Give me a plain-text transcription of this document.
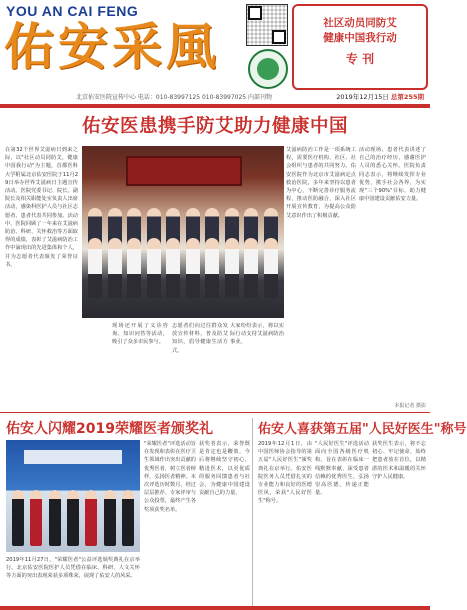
YOU AN CAI FENG
佑安采風	社区动员同防艾
健康中国我行动
专 刊
北京佑安医院宣传中心 电话：010-83997125 010-83997025 内部刊物	2019年12月15日 总第255期
佑安医患携手防艾助力健康中国
在第32个世界艾滋病日到来之际，以"社区动员同防艾，健康中国我行动"为主题，首都医科大学附属北京佑安医院于11月29日举办世界艾滋病日主题宣传活动。医院党委书记、院长、副院长及相关职能处室负责人出席活动，感染科医护人员与社区志愿者、患者代表共同参加。活动中，医院回顾了一年来在艾滋病防治、科研、关怀救治等方面取得的成绩，表彰了艾滋病防治工作中涌现出的先进集体和个人，并为志愿者代表颁发了荣誉证书。
艾滋病防治工作是一项系统工程，需要医疗机构、社区、社会组织与患者的共同努力。佑安医院作为北京市艾滋病定点救治医院，多年来坚持以患者为中心，不断完善诊疗服务流程，推动医防融合，深入社区开展宣传教育，为提高公众防艾意识作出了积极贡献。
活动现场，患者代表讲述了自己的治疗经历，感谢医护人员的悉心关怀。医院负责同志表示，将继续发挥专业优势，携手社会各界，为实现"三个90%"目标、助力健康中国建设贡献佑安力量。
现场还开展了义诊咨询、知识问答等活动，吸引了众多市民参与。
志愿者们向过往群众发放宣传材料，普及防艾知识，倡导健康生活方式。
大家纷纷表示，将以实际行动支持艾滋病防治事业。
本报记者 摄影
佑安人闪耀2019荣耀医者颁奖礼
2019年11月27日，"荣耀医者"公益评选颁奖典礼在京举行。北京佑安医院医护人员凭借在临床、科研、人文关怀等方面的突出表现荣获多项殊荣，展现了佑安人的风采。
"荣耀医者"评选活动旨在发现和表彰在医疗卫生领域作出突出贡献的优秀医者，树立医者榜样，弘扬医者精神。本次评选历时数月，经过层层推荐、专家评审与公众投票，最终产生各奖项获奖名单。
获奖者表示，荣誉既是肯定也是鞭策，今后将继续坚守初心，精进医术，以更优质的服务回馈患者与社会，为健康中国建设贡献自己的力量。
佑安人喜获第五届"人民好医生"称号
2019年12月1日，由中国医师协会指导的第五届"人民好医生"颁奖典礼在京举行。佑安医院医务人员凭借扎实的专业能力和良好的医德医风，荣获"人民好医生"称号。
"人民好医生"评选活动面向全国各级医疗机构，旨在表彰在临床一线默默奉献、深受患者信赖的优秀医生，弘扬崇高医德，传递正能量。
获奖医生表示，将不忘初心、牢记使命，始终把患者放在首位，以精湛的医术和温暖的关怀守护人民健康。
